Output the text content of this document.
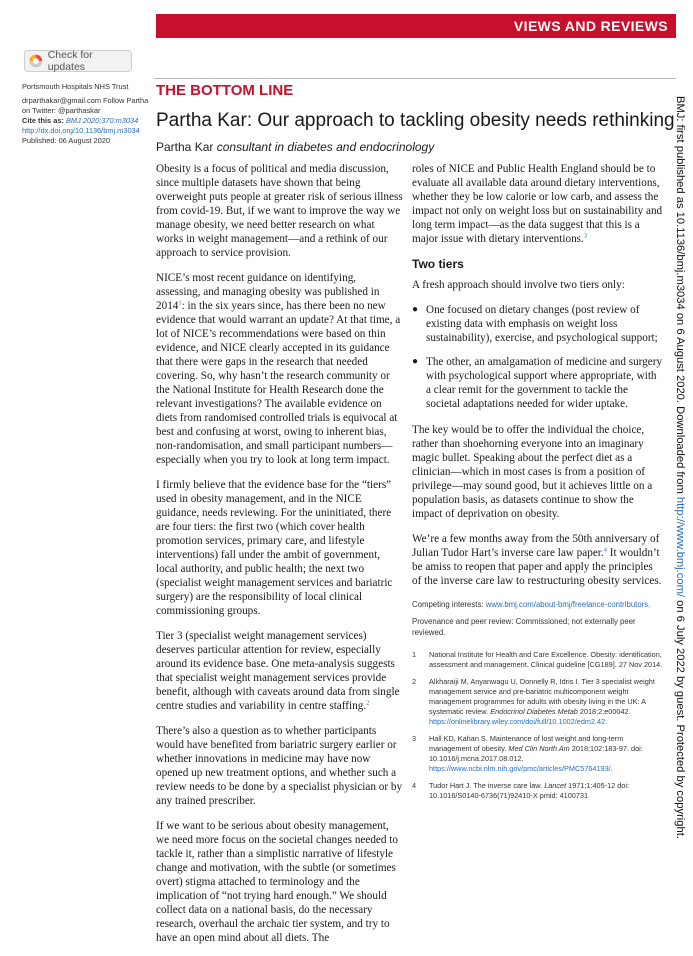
VIEWS AND REVIEWS
Check for updates

Portsmouth Hospitals NHS Trust

drparthakar@gmail.com Follow Partha on Twitter: @parthaskar

Cite this as: BMJ 2020;370:m3034

http://dx.doi.org/10.1136/bmj.m3034

Published: 06 August 2020

THE BOTTOM LINE
Partha Kar: Our approach to tackling obesity needs rethinking
Partha Kar consultant in diabetes and endocrinology

Obesity is a focus of political and media discussion, since multiple datasets have shown that being overweight puts people at greater risk of serious illness from covid-19. But, if we want to improve the way we manage obesity, we need better research on what works in weight management—and a rethink of our approach to service provision.

NICE’s most recent guidance on identifying, assessing, and managing obesity was published in 2014$^1$: in the six years since, has there been no new evidence that would warrant an update? At that time, a lot of NICE’s recommendations were based on thin evidence, and NICE clearly accepted in its guidance that there were gaps in the research that needed covering. So, why hasn’t the research community or the National Institute for Health Research done the relevant investigations? The available evidence on diets from randomised controlled trials is equivocal at best and confusing at worst, owing to inherent bias, non-randomisation, and small participant numbers—especially when you try to look at long term impact.

I firmly believe that the evidence base for the “tiers” used in obesity management, and in the NICE guidance, needs reviewing. For the uninitiated, there are four tiers: the first two (which cover health promotion services, primary care, and lifestyle interventions) fall under the ambit of government, local authority, and public health; the next two (specialist weight management services and bariatric surgery) are the responsibility of local clinical commissioning groups.

Tier 3 (specialist weight management services) deserves particular attention for review, especially around its evidence base. One meta-analysis suggests that specialist weight management services provide benefit, although with caveats around data from single centre studies and variability in centre staffing.$^2$

There’s also a question as to whether participants would have benefited from bariatric surgery earlier or whether innovations in medicine may have now opened up new treatment options, and whether such a review needs to be done by a specialist physician or by any trained prescriber.

If we want to be serious about obesity management, we need more focus on the societal changes needed to tackle it, rather than a simplistic narrative of lifestyle change and motivation, with the subtle (or sometimes overt) stigma attached to terminology and the implication of “not trying hard enough.” We should collect data on a national basis, do the necessary research, overhaul the archaic tier system, and try to have an open mind about all diets. The

roles of NICE and Public Health England should be to evaluate all available data around dietary interventions, whether they be low calorie or low carb, and assess the impact not only on weight loss but on sustainability and long term impact—as the data suggest that this is a major issue with dietary interventions.$^3$

Two tiers

A fresh approach should involve two tiers only:

● One focused on dietary changes (post review of existing data with emphasis on weight loss sustainability), exercise, and psychological support;
● The other, an amalgamation of medicine and surgery with psychological support where appropriate, with a clear remit for the government to tackle the societal adaptations needed for wider uptake.

The key would be to offer the individual the choice, rather than shoehorning everyone into an imaginary magic bullet. Speaking about the perfect diet as a clinician—which in most cases is from a position of privilege—may sound good, but it achieves little on a population basis, as datasets continue to show the impact of deprivation on obesity.

We’re a few months away from the 50th anniversary of Julian Tudor Hart’s inverse care law paper.$^4$ It wouldn’t be amiss to reopen that paper and apply the principles of the inverse care law to restructuring obesity services.

Competing interests: www.bmj.com/about-bmj/freelance-contributors.
Provenance and peer review: Commissioned; not externally peer reviewed.
1	National Institute for Health and Care Excellence. Obesity: identification, assessment and management. Clinical guideline [CG189]. 27 Nov 2014.
2	Alkharaiji M, Anyanwagu U, Donnelly R, Idris I. Tier 3 specialist weight management service and pre-bariatric multicomponent weight management programmes for adults with obesity living in the UK: A systematic review. Endocrinol Diabetes Metab 2018;2:e00042. https://onlinelibrary.wiley.com/doi/full/10.1002/edm2.42.
3	Hall KD, Kahan S. Maintenance of lost weight and long-term management of obesity. Med Clin North Am 2018;102:183-97. doi: 10.1016/j.mcna.2017.08.012. https://www.ncbi.nlm.nih.gov/pmc/articles/PMC5764193/.
4	Tudor Hart J. The inverse care law. Lancet 1971;1:405-12 doi: 10.1016/S0140-6736(71)92410-X pmid: 4100731
BMJ: first published as 10.1136/bmj.m3034 on 6 August 2020. Downloaded from http://www.bmj.com/ on 6 July 2022 by guest. Protected by copyright.
